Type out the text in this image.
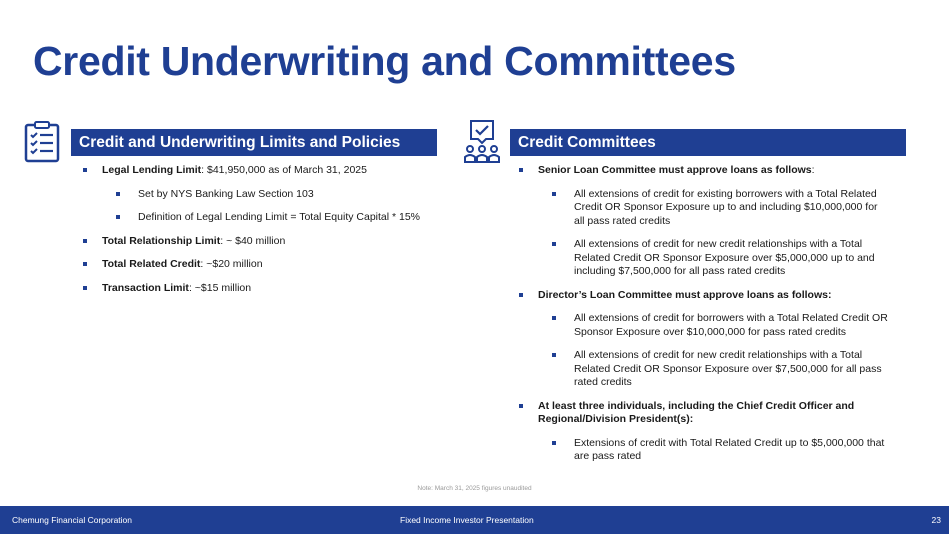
Credit Underwriting and Committees
Credit and Underwriting Limits and Policies
Legal Lending Limit: $41,950,000 as of March 31, 2025
Set by NYS Banking Law Section 103
Definition of Legal Lending Limit = Total Equity Capital * 15%
Total Relationship Limit: ~ $40 million
Total Related Credit: ~$20 million
Transaction Limit: ~$15 million
Credit Committees
Senior Loan Committee must approve loans as follows:
All extensions of credit for existing borrowers with a Total Related Credit OR Sponsor Exposure up to and including $10,000,000 for all pass rated credits
All extensions of credit for new credit relationships with a Total Related Credit OR Sponsor Exposure over $5,000,000 up to and including $7,500,000 for all pass rated credits
Director’s Loan Committee must approve loans as follows:
All extensions of credit for borrowers with a Total Related Credit OR Sponsor Exposure over $10,000,000 for pass rated credits
All extensions of credit for new credit relationships with a Total Related Credit OR Sponsor Exposure over $7,500,000 for all pass rated credits
At least three individuals, including the Chief Credit Officer and Regional/Division President(s):
Extensions of credit with Total Related Credit up to $5,000,000 that are pass rated
Note: March 31, 2025 figures unaudited
Chemung Financial Corporation	Fixed Income Investor Presentation	23
